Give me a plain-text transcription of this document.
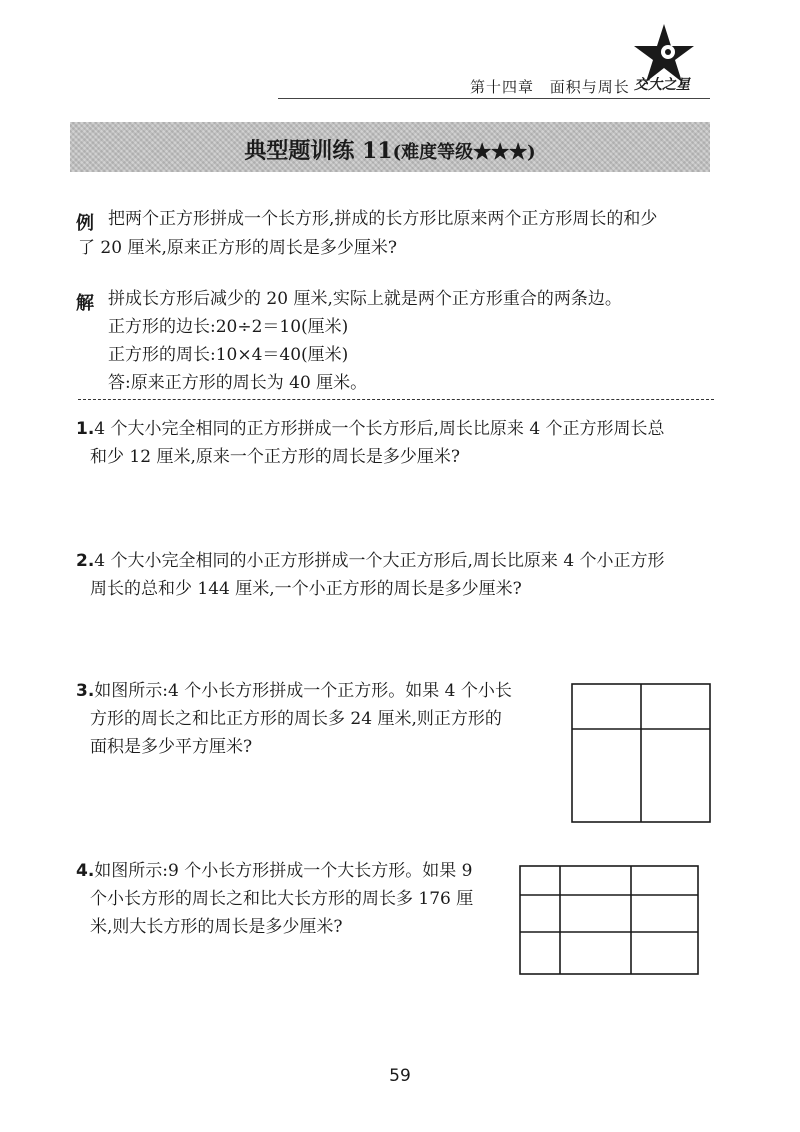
第十四章 面积与周长 交大之星
典型题训练 11(难度等级★★★)
例 把两个正方形拼成一个长方形,拼成的长方形比原来两个正方形周长的和少
了 20 厘米,原来正方形的周长是多少厘米?
解 拼成长方形后减少的 20 厘米,实际上就是两个正方形重合的两条边。
正方形的边长:20÷2＝10(厘米)
正方形的周长:10×4＝40(厘米)
答:原来正方形的周长为 40 厘米。
1.4 个大小完全相同的正方形拼成一个长方形后,周长比原来 4 个正方形周长总
和少 12 厘米,原来一个正方形的周长是多少厘米?
2.4 个大小完全相同的小正方形拼成一个大正方形后,周长比原来 4 个小正方形
周长的总和少 144 厘米,一个小正方形的周长是多少厘米?
3.如图所示:4 个小长方形拼成一个正方形。如果 4 个小长
方形的周长之和比正方形的周长多 24 厘米,则正方形的
面积是多少平方厘米?
4.如图所示:9 个小长方形拼成一个大长方形。如果 9
个小长方形的周长之和比大长方形的周长多 176 厘
米,则大长方形的周长是多少厘米?
59
